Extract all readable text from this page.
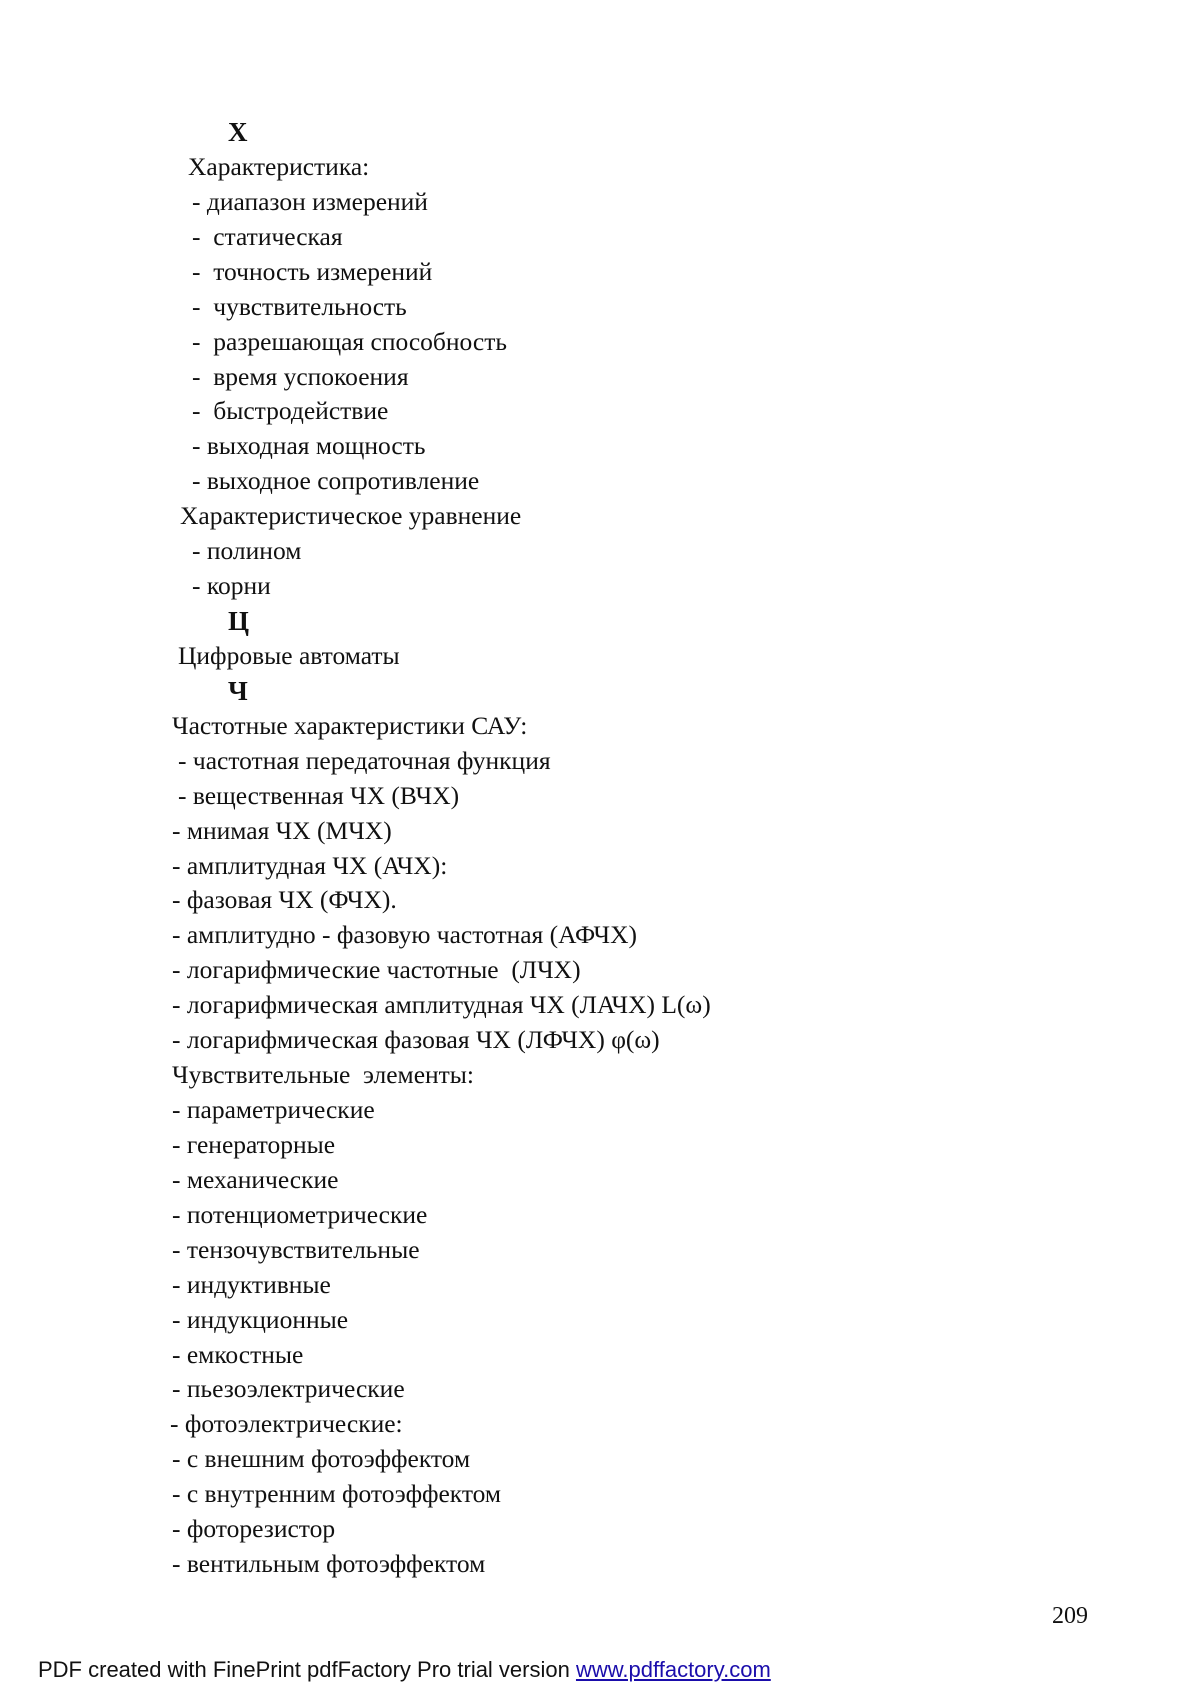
X
Характеристика:
- диапазон измерений
-  статическая
-  точность измерений
-  чувствительность
-  разрешающая способность
-  время успокоения
-  быстродействие
- выходная мощность
- выходное сопротивление
Характеристическое уравнение
- полином
- корни
Ц
Цифровые автоматы
Ч
Частотные характеристики САУ:
- частотная передаточная функция
- вещественная ЧХ (ВЧХ)
- мнимая ЧХ (МЧХ)
- амплитудная ЧХ (АЧХ):
- фазовая ЧХ (ФЧХ).
- амплитудно - фазовую частотная (АФЧХ)
- логарифмические частотные  (ЛЧХ)
- логарифмическая амплитудная ЧХ (ЛАЧХ) L(ω)
- логарифмическая фазовая ЧХ (ЛФЧХ) φ(ω)
Чувствительные  элементы:
- параметрические
- генераторные
- механические
- потенциометрические
- тензочувствительные
- индуктивные
- индукционные
- емкостные
- пьезоэлектрические
- фотоэлектрические:
- с внешним фотоэффектом
- с внутренним фотоэффектом
- фоторезистор
- вентильным фотоэффектом
209
PDF created with FinePrint pdfFactory Pro trial version www.pdffactory.com
